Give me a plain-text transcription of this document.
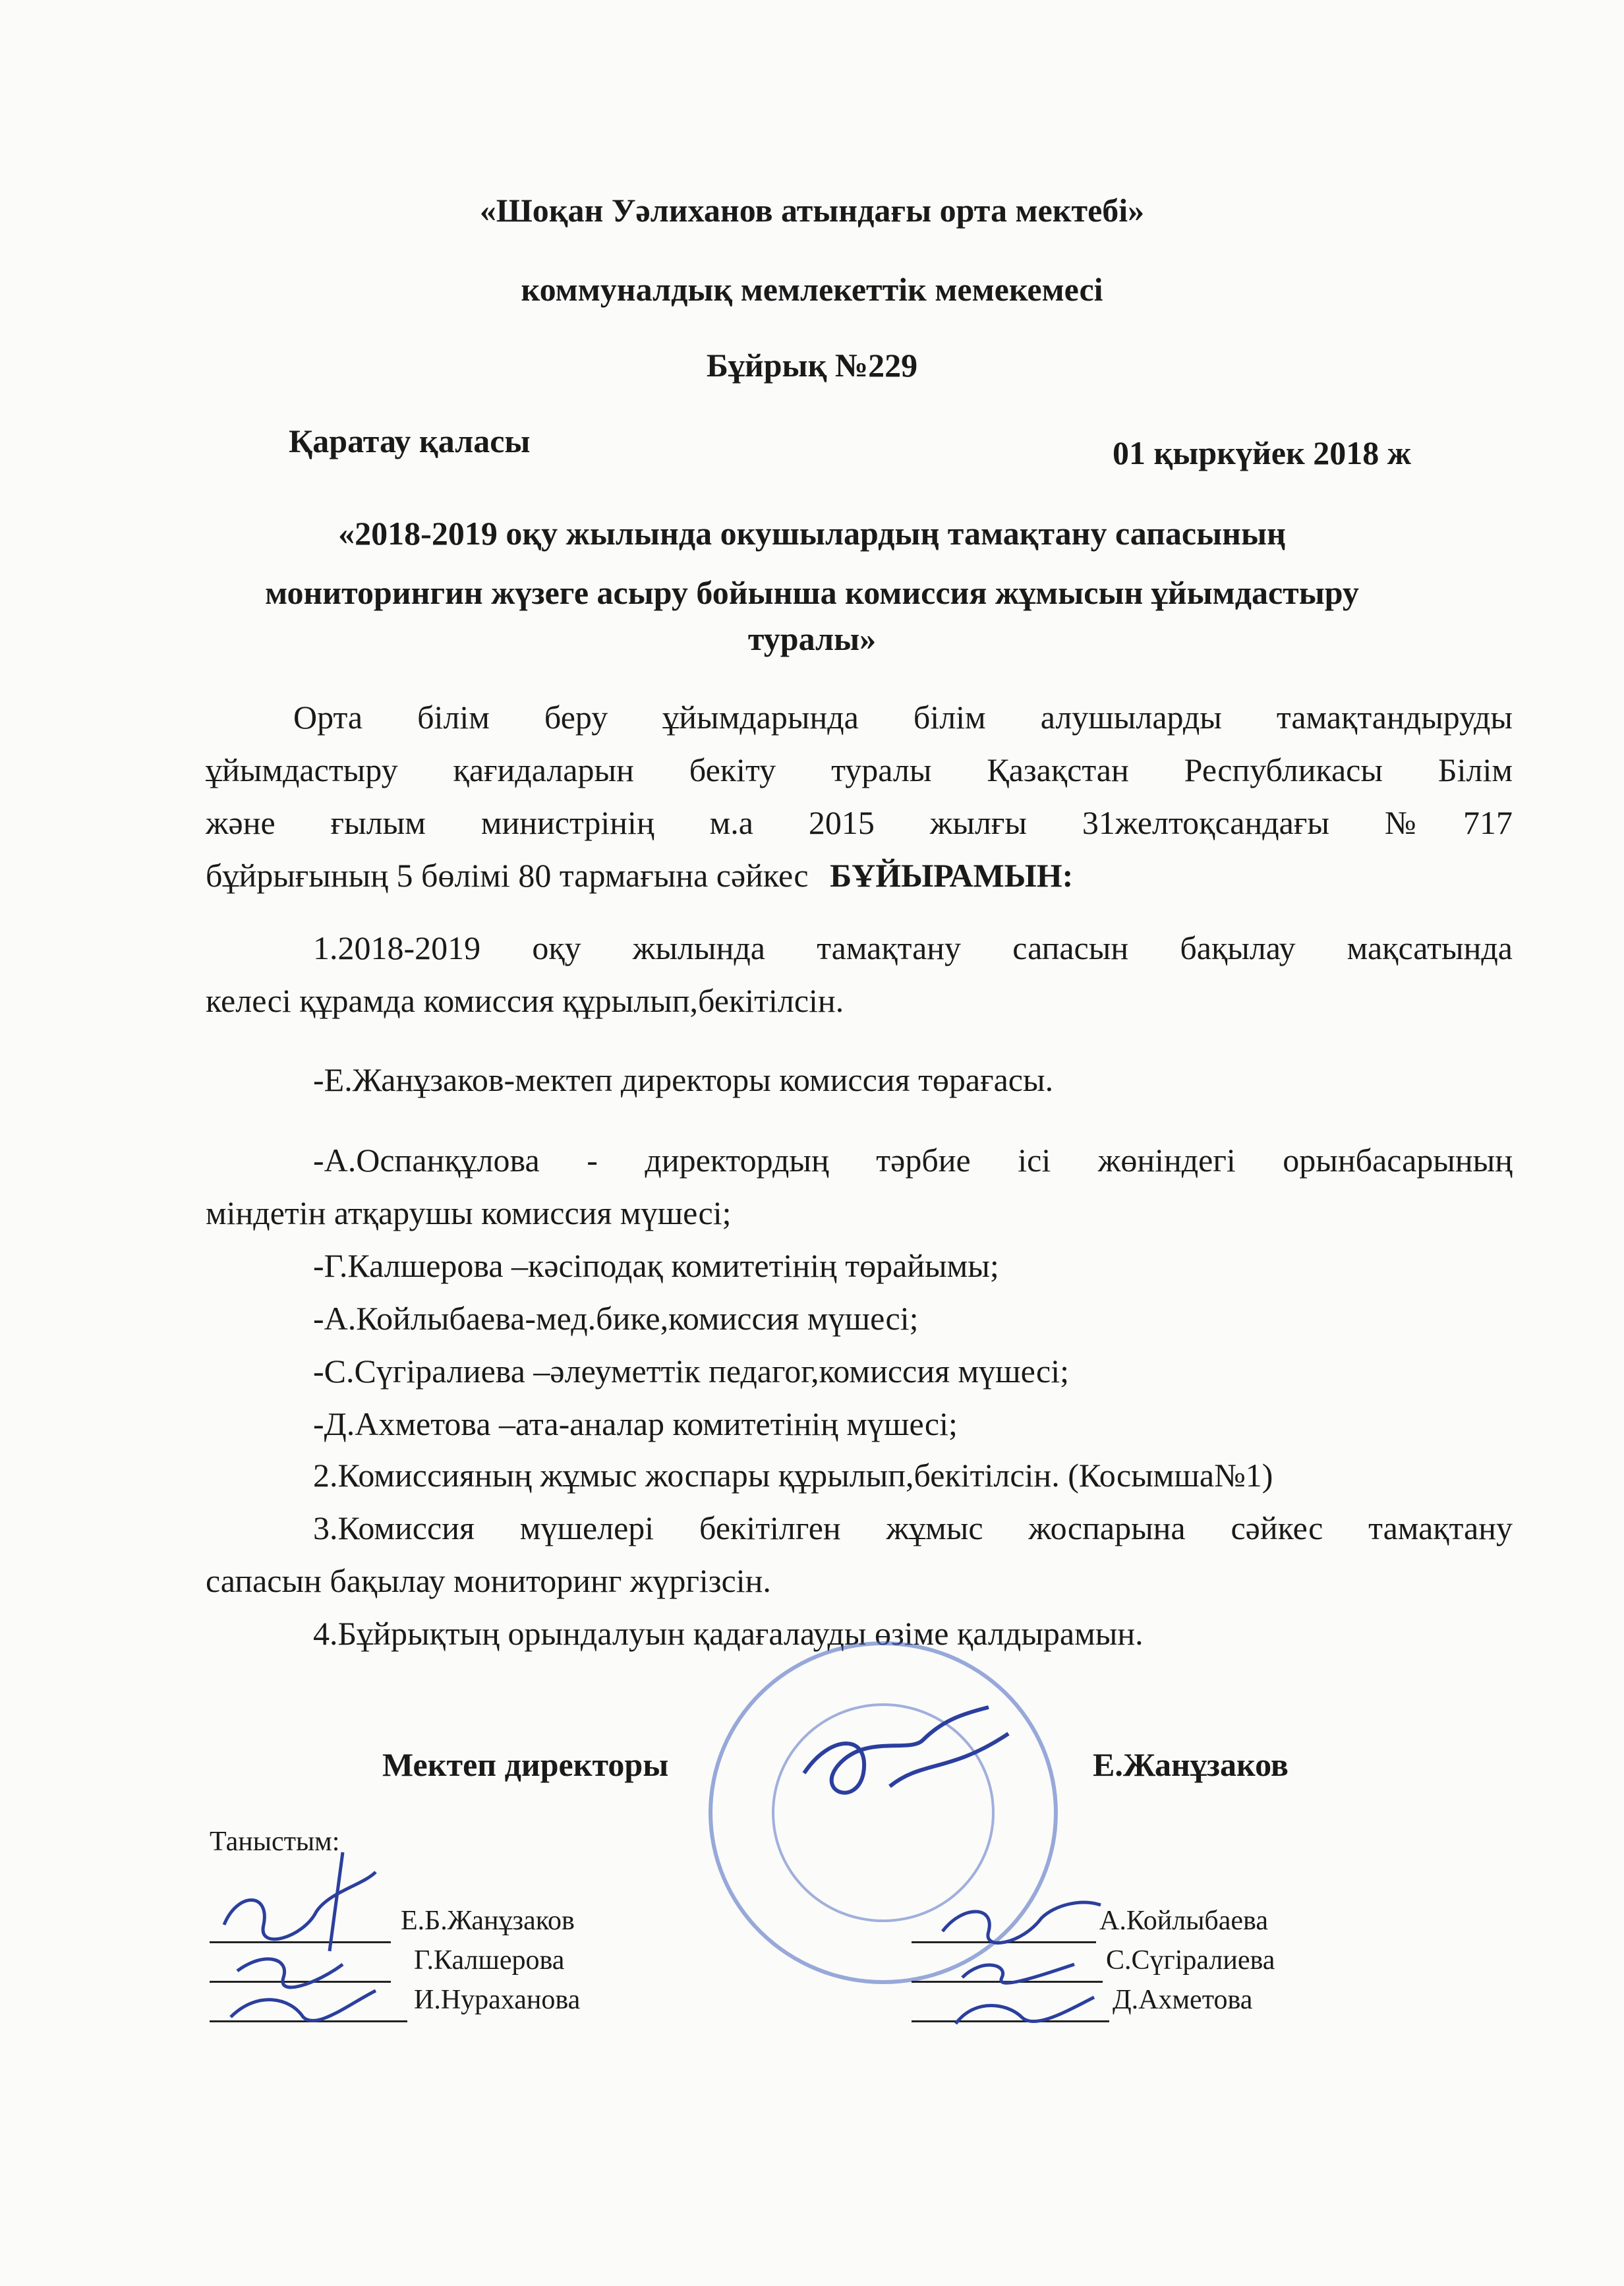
«Шоқан Уәлиханов атындағы орта мектебі»
коммуналдық мемлекеттік мемекемесі
Бұйрық №229
Қаратау қаласы	01 қыркүйек 2018 ж
«2018-2019 оқу жылында окушылардың тамақтану сапасының
мониторингин жүзеге асыру бойынша комиссия жұмысын ұйымдастыру
туралы»
Орта білім беру ұйымдарында білім алушыларды тамақтандыруды
ұйымдастыру қағидаларын бекіту туралы Қазақстан Республикасы Білім
және ғылым министрінің м.а 2015 жылғы 31желтоқсандағы №717
бұйрығының 5 бөлімі 80 тармағына сәйкес БҰЙЫРАМЫН:
1.2018-2019 оқу жылында тамақтану сапасын бақылау мақсатында
келесі құрамда комиссия құрылып,бекітілсін.
-Е.Жанұзаков-мектеп директоры комиссия төрағасы.
-А.Оспанқұлова - директордың тәрбие ісі жөніндегі орынбасарының
міндетін атқарушы комиссия мүшесі;
-Г.Калшерова –кәсіподақ комитетінің төрайымы;
-А.Койлыбаева-мед.бике,комиссия мүшесі;
-С.Сүгіралиева –әлеуметтік педагог,комиссия мүшесі;
-Д.Ахметова –ата-аналар комитетінің мүшесі;
2.Комиссияның жұмыс жоспары құрылып,бекітілсін. (Косымша№1)
3.Комиссия мүшелері бекітілген жұмыс жоспарына сәйкес тамақтану
сапасын бақылау мониторинг жүргізсін.
4.Бұйрықтың орындалуын қадағалауды өзіме қалдырамын.
Мектеп директоры	Е.Жанұзаков
Таныстым:
Е.Б.Жанұзаков
Г.Калшерова
И.Нураханова
А.Койлыбаева
С.Сүгіралиева
Д.Ахметова
